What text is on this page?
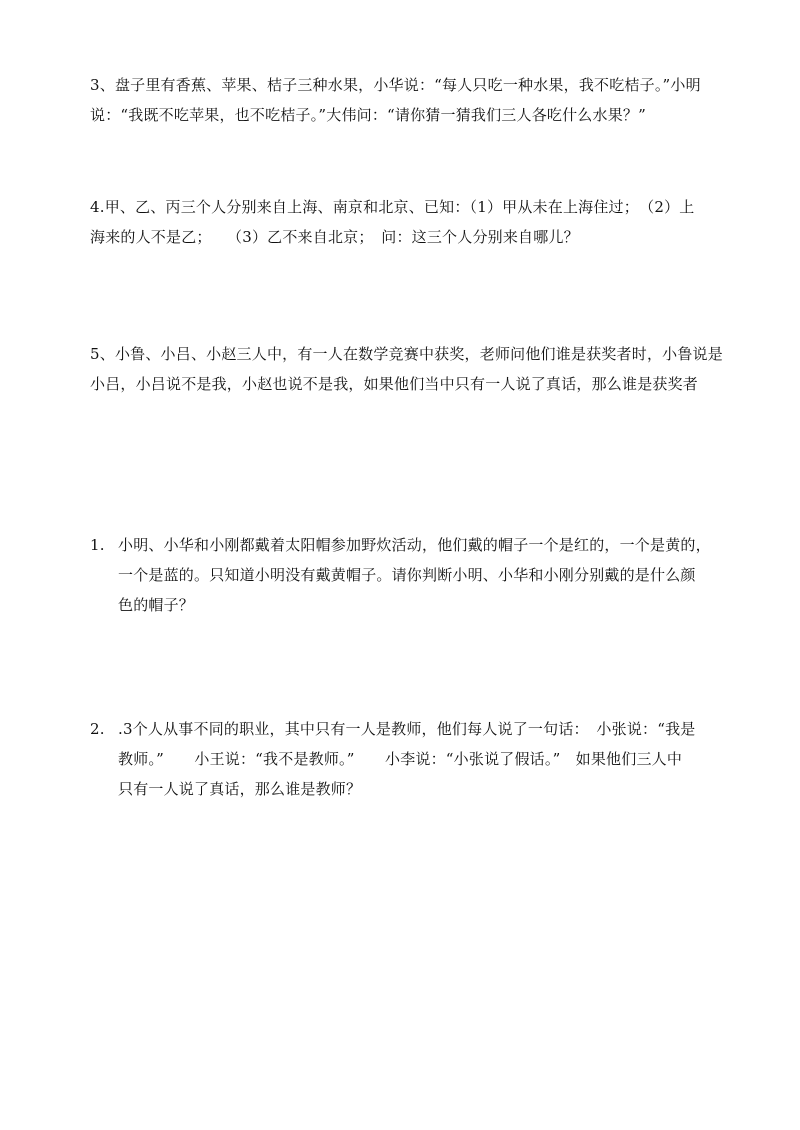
3、盘子里有香蕉、苹果、桔子三种水果，小华说：“每人只吃一种水果，我不吃桔子。”小明
说：“我既不吃苹果，也不吃桔子。”大伟问：“请你猜一猜我们三人各吃什么水果？”
4.甲、乙、丙三个人分别来自上海、南京和北京、已知：（1）甲从未在上海住过；　（2）上
海来的人不是乙；　　（3）乙不来自北京；　问：这三个人分别来自哪儿？
5、小鲁、小吕、小赵三人中，有一人在数学竞赛中获奖，老师问他们谁是获奖者时，小鲁说是
小吕，小吕说不是我，小赵也说不是我，如果他们当中只有一人说了真话，那么谁是获奖者
1. 小明、小华和小刚都戴着太阳帽参加野炊活动，他们戴的帽子一个是红的，一个是黄的，
一个是蓝的。只知道小明没有戴黄帽子。请你判断小明、小华和小刚分别戴的是什么颜
色的帽子？
2. .3个人从事不同的职业，其中只有一人是教师，他们每人说了一句话：　小张说：“我是
教师。”　　小王说：“我不是教师。”　　小李说：“小张说了假话。”　如果他们三人中
只有一人说了真话，那么谁是教师？
